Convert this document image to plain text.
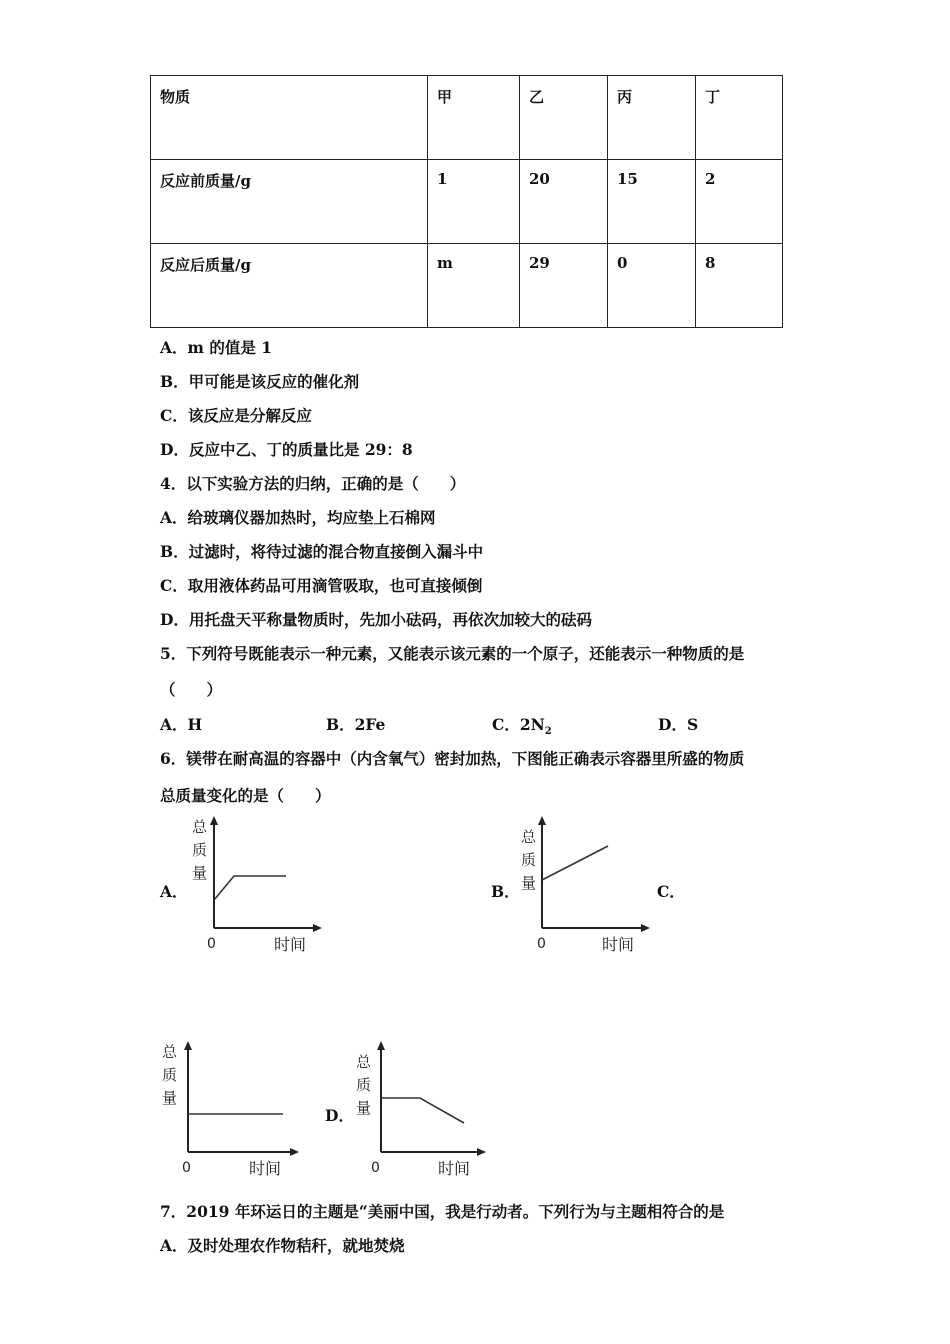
物质	甲	乙	丙	丁
反应前质量/g	1	20	15	2
反应后质量/g	m	29	0	8
A．m 的值是 1
B．甲可能是该反应的催化剂
C．该反应是分解反应
D．反应中乙、丁的质量比是 29：8
4．以下实验方法的归纳，正确的是（　　）
A．给玻璃仪器加热时，均应垫上石棉网
B．过滤时，将待过滤的混合物直接倒入漏斗中
C．取用液体药品可用滴管吸取，也可直接倾倒
D．用托盘天平称量物质时，先加小砝码，再依次加较大的砝码
5．下列符号既能表示一种元素，又能表示该元素的一个原子，还能表示一种物质的是
（　　）
A．H	B．2Fe	C．$2N_2$	D．S
6．镁带在耐高温的容器中（内含氧气）密封加热，下图能正确表示容器里所盛的物质
总质量变化的是（　　）
A．	B．	C．
D．
总
质
量
0	时间
总
质
量
0	时间
总
质
量
0	时间
总
质
量
0	时间
7．2019 年环运日的主题是“美丽中国，我是行动者。下列行为与主题相符合的是
A．及时处理农作物秸秆，就地焚烧
